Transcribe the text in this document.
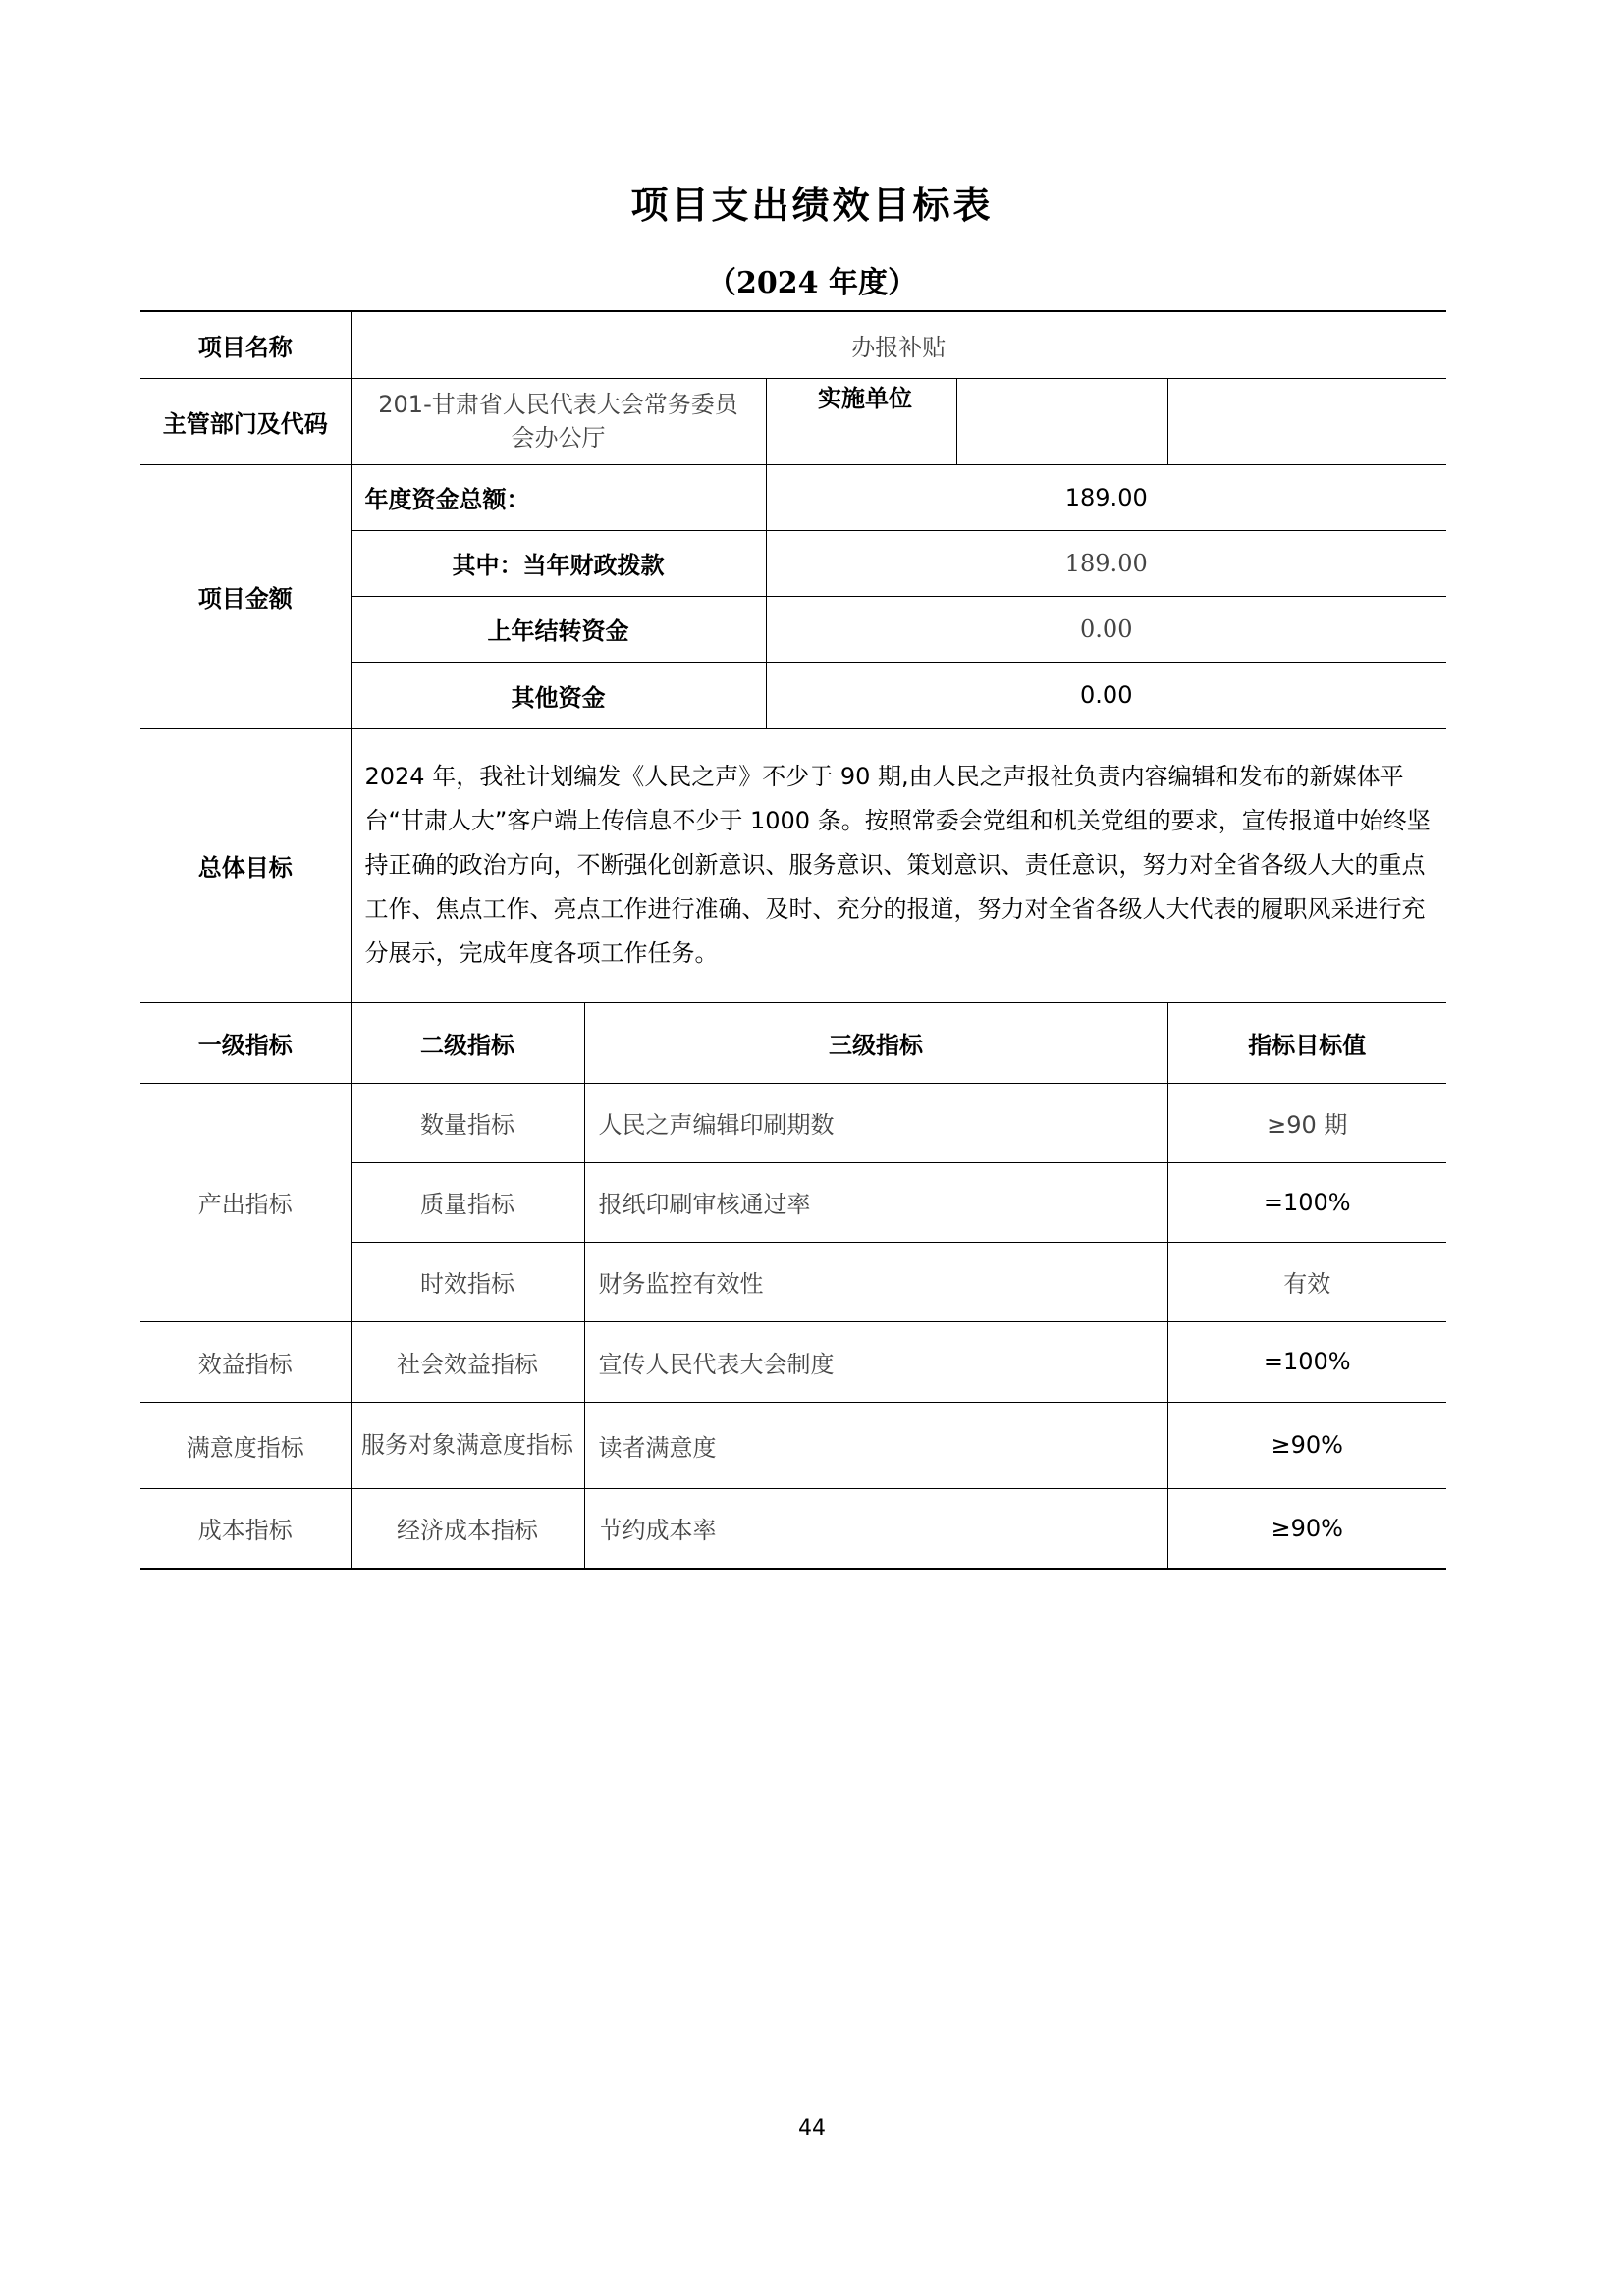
项目支出绩效目标表
（2024 年度）
项目名称	办报补贴			
主管部门及代码	201-甘肃省人民代表大会常务委员会办公厅		实施单位	

项目金额	年度资金总额：		189.00	
	其中：当年财政拨款		189.00	
	上年结转资金		0.00	
	其他资金		0.00	
总体目标	2024 年，我社计划编发《人民之声》不少于 90 期,由人民之声报社负责内容编辑和发布的新媒体平台“甘肃人大”客户端上传信息不少于 1000 条。按照常委会党组和机关党组的要求，宣传报道中始终坚持正确的政治方向，不断强化创新意识、服务意识、策划意识、责任意识，努力对全省各级人大的重点工作、焦点工作、亮点工作进行准确、及时、充分的报道，努力对全省各级人大代表的履职风采进行充分展示，完成年度各项工作任务。			
一级指标	二级指标	三级指标		指标目标值
产出指标	数量指标	人民之声编辑印刷期数		≥90 期
	质量指标	报纸印刷审核通过率		=100%
	时效指标	财务监控有效性		有效
效益指标	社会效益指标	宣传人民代表大会制度		=100%
满意度指标	服务对象满意度指标	读者满意度		≥90%
成本指标	经济成本指标	节约成本率		≥90%
44
